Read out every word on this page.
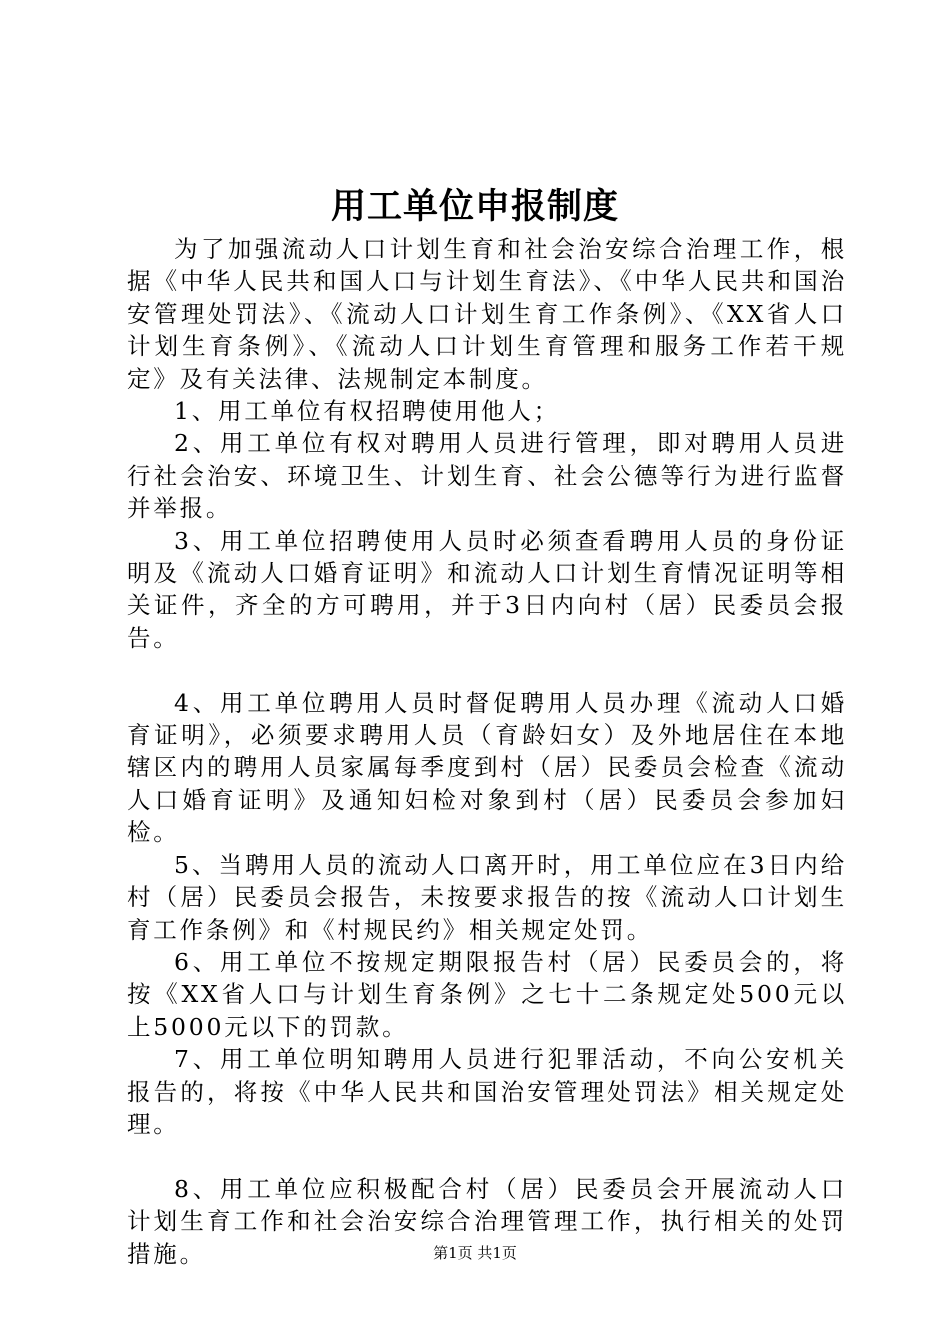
用工单位申报制度

为了加强流动人口计划生育和社会治安综合治理工作，根据《中华人民共和国人口与计划生育法》、《中华人民共和国治安管理处罚法》、《流动人口计划生育工作条例》、《XX省人口计划生育条例》、《流动人口计划生育管理和服务工作若干规定》及有关法律、法规制定本制度。

1、用工单位有权招聘使用他人；

2、用工单位有权对聘用人员进行管理，即对聘用人员进行社会治安、环境卫生、计划生育、社会公德等行为进行监督并举报。

3、用工单位招聘使用人员时必须查看聘用人员的身份证明及《流动人口婚育证明》和流动人口计划生育情况证明等相关证件，齐全的方可聘用，并于3日内向村（居）民委员会报告。

4、用工单位聘用人员时督促聘用人员办理《流动人口婚育证明》，必须要求聘用人员（育龄妇女）及外地居住在本地辖区内的聘用人员家属每季度到村（居）民委员会检查《流动人口婚育证明》及通知妇检对象到村（居）民委员会参加妇检。

5、当聘用人员的流动人口离开时，用工单位应在3日内给村（居）民委员会报告，未按要求报告的按《流动人口计划生育工作条例》和《村规民约》相关规定处罚。

6、用工单位不按规定期限报告村（居）民委员会的，将按《XX省人口与计划生育条例》之七十二条规定处500元以上5000元以下的罚款。

7、用工单位明知聘用人员进行犯罪活动，不向公安机关报告的，将按《中华人民共和国治安管理处罚法》相关规定处理。

8、用工单位应积极配合村（居）民委员会开展流动人口计划生育工作和社会治安综合治理管理工作，执行相关的处罚措施。	第1页 共1页
